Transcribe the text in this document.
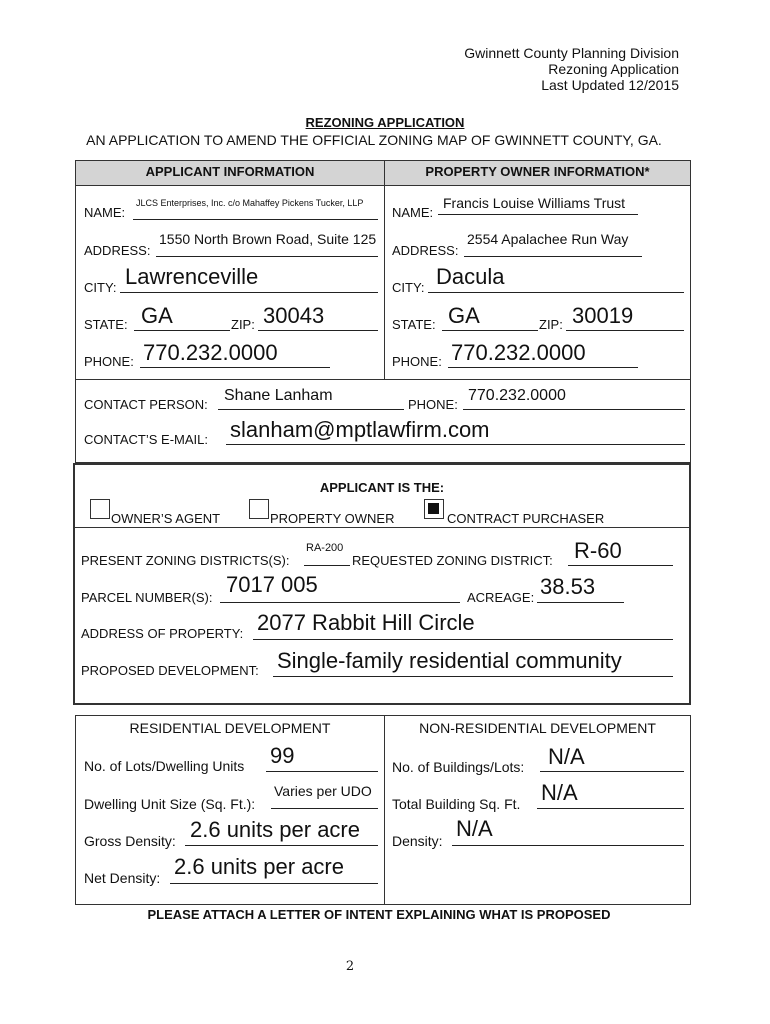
Gwinnett County Planning Division
Rezoning Application
Last Updated 12/2015
REZONING APPLICATION
AN APPLICATION TO AMEND THE OFFICIAL ZONING MAP OF GWINNETT COUNTY, GA.
APPLICANT INFORMATION	PROPERTY OWNER INFORMATION*
NAME:
JLCS Enterprises, Inc. c/o Mahaffey Pickens Tucker, LLP
ADDRESS:
1550 North Brown Road, Suite 125
CITY: Lawrenceville
STATE: GA	ZIP: 30043
PHONE: 770.232.0000
NAME:
Francis Louise Williams Trust
ADDRESS:
2554 Apalachee Run Way
CITY: Dacula
STATE: GA	ZIP: 30019
PHONE: 770.232.0000
CONTACT PERSON:
Shane Lanham
PHONE:
770.232.0000
CONTACT’S E-MAIL: slanham@mptlawfirm.com
APPLICANT IS THE:
OWNER’S AGENT	PROPERTY OWNER	CONTRACT PURCHASER
PRESENT ZONING DISTRICTS(S):
RA-200
REQUESTED ZONING DISTRICT: R-60
PARCEL NUMBER(S):
7017 005
ACREAGE: 38.53
ADDRESS OF PROPERTY: 2077 Rabbit Hill Circle
PROPOSED DEVELOPMENT: Single-family residential community
RESIDENTIAL DEVELOPMENT	NON-RESIDENTIAL DEVELOPMENT
No. of Lots/Dwelling Units 99
Dwelling Unit Size (Sq. Ft.):
Varies per UDO
Gross Density: 2.6 units per acre
Net Density: 2.6 units per acre
No. of Buildings/Lots: N/A
Total Building Sq. Ft. N/A
Density: N/A
PLEASE ATTACH A LETTER OF INTENT EXPLAINING WHAT IS PROPOSED
2
